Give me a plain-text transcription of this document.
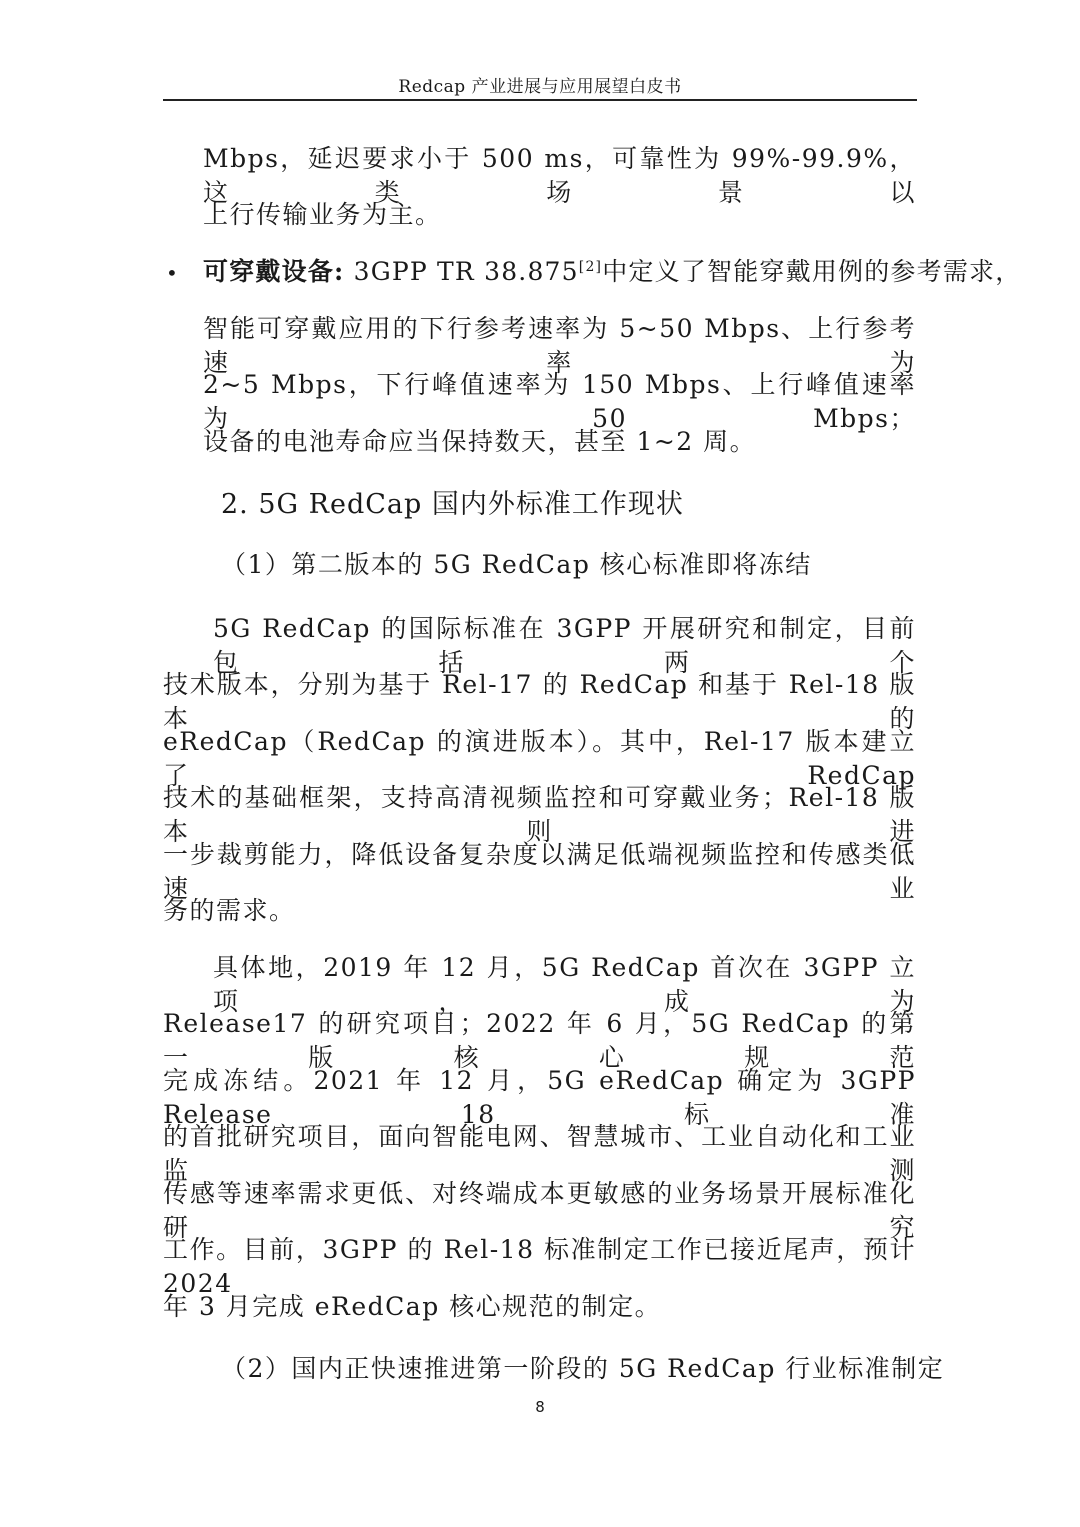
Redcap 产业进展与应用展望白皮书
Mbps，延迟要求小于 500 ms，可靠性为 99%-99.9%，这类场景以
上行传输业务为主。
• 可穿戴设备: 3GPP TR 38.875[2]中定义了智能穿戴用例的参考需求，
智能可穿戴应用的下行参考速率为 5~50 Mbps、上行参考速率为
2~5 Mbps，下行峰值速率为 150 Mbps、上行峰值速率为 50 Mbps；
设备的电池寿命应当保持数天，甚至 1~2 周。
2. 5G RedCap 国内外标准工作现状
（1）第二版本的 5G RedCap 核心标准即将冻结
5G RedCap 的国际标准在 3GPP 开展研究和制定，目前包括两个
技术版本，分别为基于 Rel-17 的 RedCap 和基于 Rel-18 版本的
eRedCap（RedCap 的演进版本）。其中，Rel-17 版本建立了 RedCap
技术的基础框架，支持高清视频监控和可穿戴业务；Rel-18 版本则进
一步裁剪能力，降低设备复杂度以满足低端视频监控和传感类低速业
务的需求。
具体地，2019 年 12 月，5G RedCap 首次在 3GPP 立项，成为
Release17 的研究项目；2022 年 6 月，5G RedCap 的第一版核心规范
完成冻结。2021 年 12 月，5G eRedCap 确定为 3GPP Release 18 标准
的首批研究项目，面向智能电网、智慧城市、工业自动化和工业监测
传感等速率需求更低、对终端成本更敏感的业务场景开展标准化研究
工作。目前，3GPP 的 Rel-18 标准制定工作已接近尾声，预计 2024
年 3 月完成 eRedCap 核心规范的制定。
（2）国内正快速推进第一阶段的 5G RedCap 行业标准制定
8
